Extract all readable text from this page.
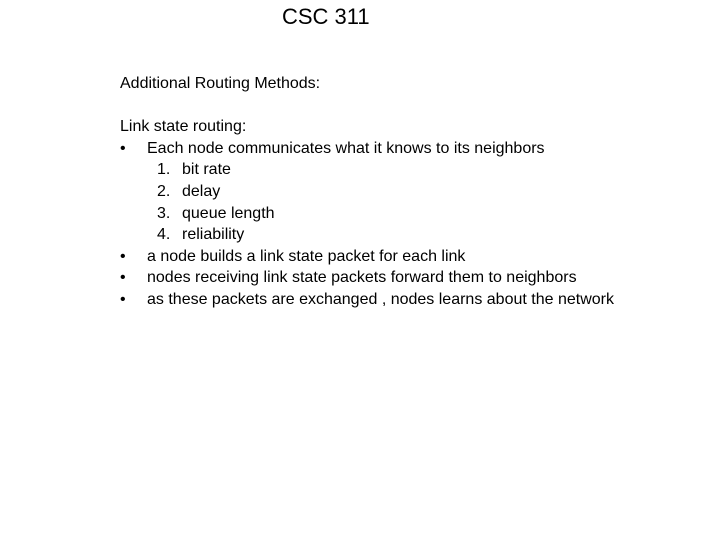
CSC 311
Additional Routing Methods:
Link state routing:
•	Each node communicates what it knows to its neighbors
1. bit rate
2. delay
3. queue length
4. reliability
•	a node builds a link state packet for each link
•	nodes receiving link state packets forward them to neighbors
•	as these packets are exchanged , nodes learns about the network
